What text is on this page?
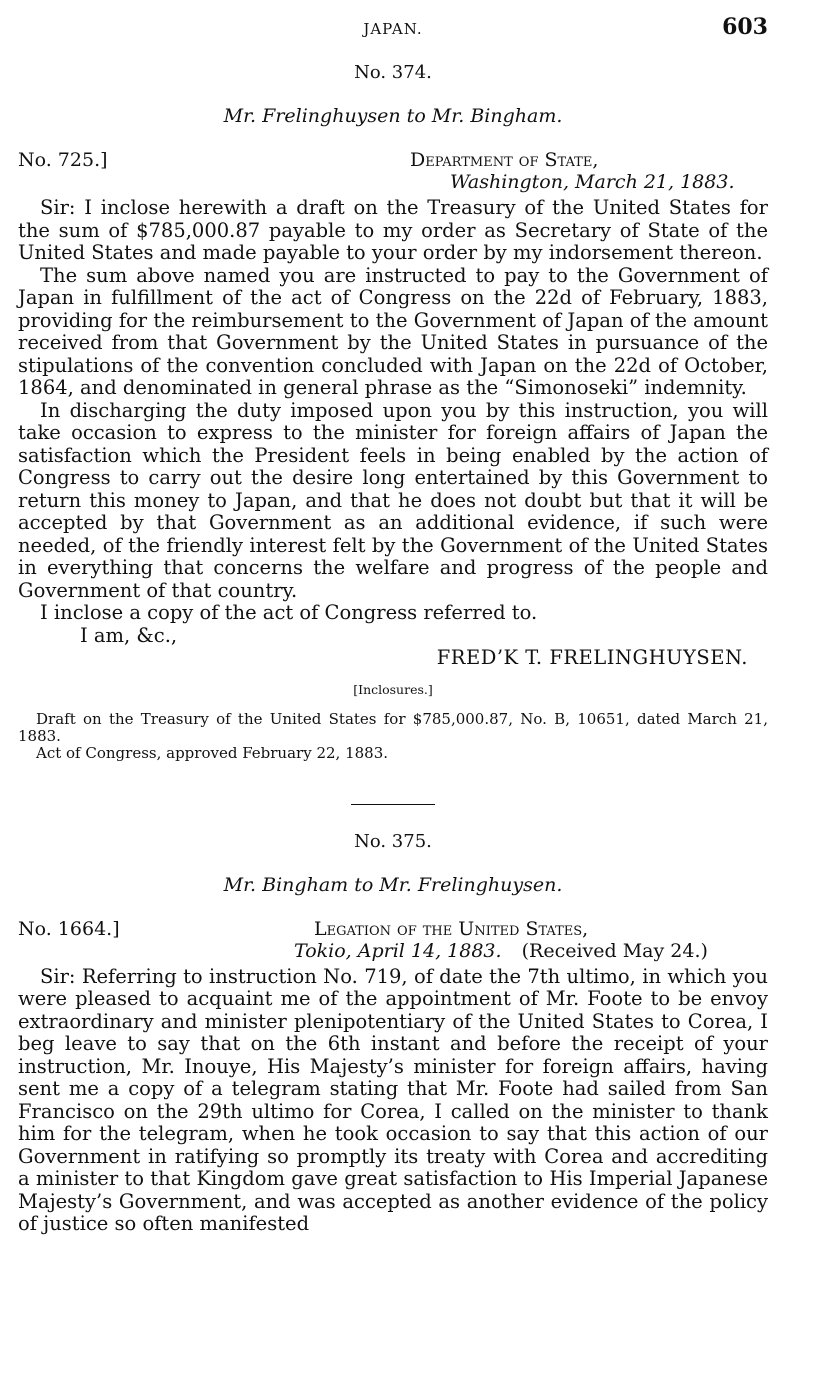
JAPAN.	603
No. 374.
Mr. Frelinghuysen to Mr. Bingham.
No. 725.]	Department of State,
Washington, March 21, 1883.

Sir: I inclose herewith a draft on the Treasury of the United States for the sum of $785,000.87 payable to my order as Secretary of State of the United States and made payable to your order by my indorsement thereon.

The sum above named you are instructed to pay to the Government of Japan in fulfillment of the act of Congress on the 22d of February, 1883, providing for the reimbursement to the Government of Japan of the amount received from that Government by the United States in pursuance of the stipulations of the convention concluded with Japan on the 22d of October, 1864, and denominated in general phrase as the “Simonoseki” indemnity.

In discharging the duty imposed upon you by this instruction, you will take occasion to express to the minister for foreign affairs of Japan the satisfaction which the President feels in being enabled by the action of Congress to carry out the desire long entertained by this Government to return this money to Japan, and that he does not doubt but that it will be accepted by that Government as an additional evidence, if such were needed, of the friendly interest felt by the Government of the United States in everything that concerns the welfare and progress of the people and Government of that country.

I inclose a copy of the act of Congress referred to.

I am, &c.,
FRED’K T. FRELINGHUYSEN.
[Inclosures.]

Draft on the Treasury of the United States for $785,000.87, No. B, 10651, dated March 21, 1883.

Act of Congress, approved February 22, 1883.

No. 375.
Mr. Bingham to Mr. Frelinghuysen.
No. 1664.]	Legation of the United States,
Tokio, April 14, 1883. (Received May 24.)

Sir: Referring to instruction No. 719, of date the 7th ultimo, in which you were pleased to acquaint me of the appointment of Mr. Foote to be envoy extraordinary and minister plenipotentiary of the United States to Corea, I beg leave to say that on the 6th instant and before the receipt of your instruction, Mr. Inouye, His Majesty’s minister for foreign affairs, having sent me a copy of a telegram stating that Mr. Foote had sailed from San Francisco on the 29th ultimo for Corea, I called on the minister to thank him for the telegram, when he took occasion to say that this action of our Government in ratifying so promptly its treaty with Corea and accrediting a minister to that Kingdom gave great satisfaction to His Imperial Japanese Majesty’s Government, and was accepted as another evidence of the policy of justice so often manifested
